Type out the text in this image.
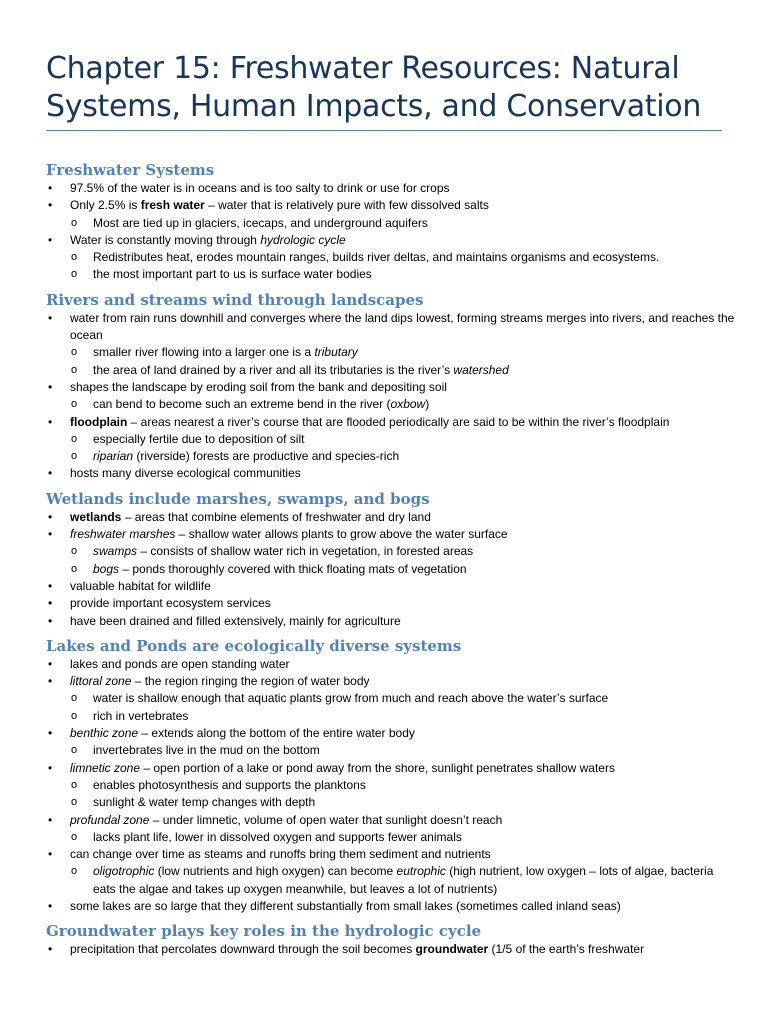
Chapter 15: Freshwater Resources: Natural Systems, Human Impacts, and Conservation
Freshwater Systems
• 97.5% of the water is in oceans and is too salty to drink or use for crops
• Only 2.5% is fresh water – water that is relatively pure with few dissolved salts
o Most are tied up in glaciers, icecaps, and underground aquifers
• Water is constantly moving through hydrologic cycle
o Redistributes heat, erodes mountain ranges, builds river deltas, and maintains organisms and ecosystems.
o the most important part to us is surface water bodies
Rivers and streams wind through landscapes
• water from rain runs downhill and converges where the land dips lowest, forming streams merges into rivers, and reaches the ocean
o smaller river flowing into a larger one is a tributary
o the area of land drained by a river and all its tributaries is the river’s watershed
• shapes the landscape by eroding soil from the bank and depositing soil
o can bend to become such an extreme bend in the river (oxbow)
• floodplain – areas nearest a river’s course that are flooded periodically are said to be within the river’s floodplain
o especially fertile due to deposition of silt
o riparian (riverside) forests are productive and species-rich
• hosts many diverse ecological communities
Wetlands include marshes, swamps, and bogs
• wetlands – areas that combine elements of freshwater and dry land
• freshwater marshes – shallow water allows plants to grow above the water surface
o swamps – consists of shallow water rich in vegetation, in forested areas
o bogs – ponds thoroughly covered with thick floating mats of vegetation
• valuable habitat for wildlife
• provide important ecosystem services
• have been drained and filled extensively, mainly for agriculture
Lakes and Ponds are ecologically diverse systems
• lakes and ponds are open standing water
• littoral zone – the region ringing the region of water body
o water is shallow enough that aquatic plants grow from much and reach above the water’s surface
o rich in vertebrates
• benthic zone – extends along the bottom of the entire water body
o invertebrates live in the mud on the bottom
• limnetic zone – open portion of a lake or pond away from the shore, sunlight penetrates shallow waters
o enables photosynthesis and supports the planktons
o sunlight & water temp changes with depth
• profundal zone – under limnetic, volume of open water that sunlight doesn’t reach
o lacks plant life, lower in dissolved oxygen and supports fewer animals
• can change over time as steams and runoffs bring them sediment and nutrients
o oligotrophic (low nutrients and high oxygen) can become eutrophic (high nutrient, low oxygen – lots of algae, bacteria eats the algae and takes up oxygen meanwhile, but leaves a lot of nutrients)
• some lakes are so large that they different substantially from small lakes (sometimes called inland seas)
Groundwater plays key roles in the hydrologic cycle
• precipitation that percolates downward through the soil becomes groundwater (1/5 of the earth’s freshwater
